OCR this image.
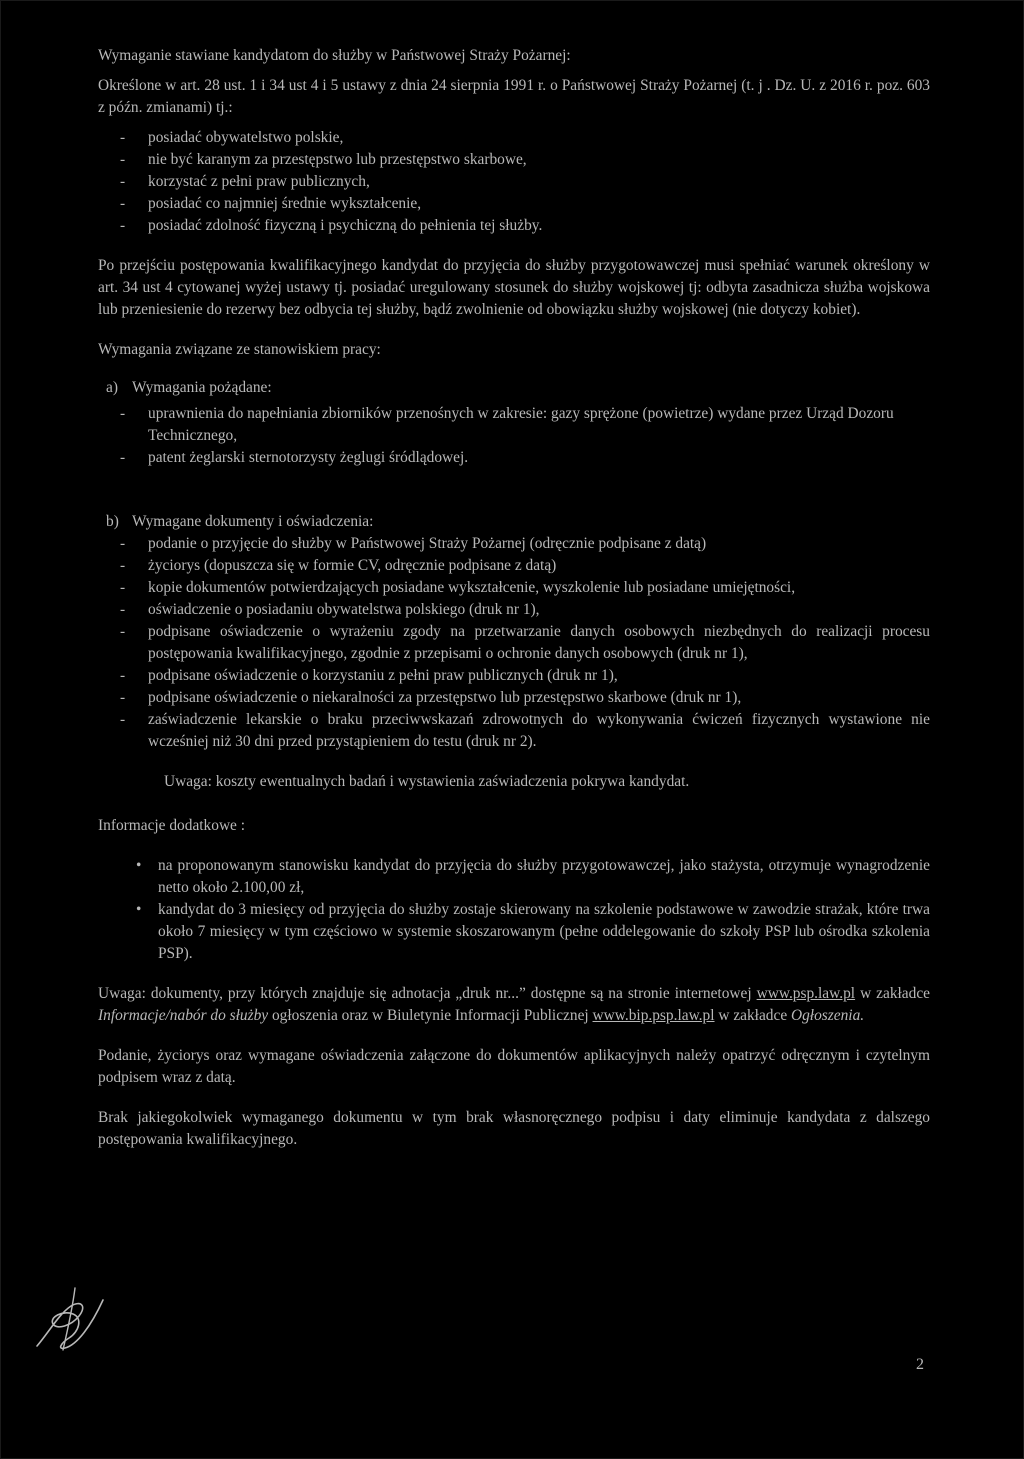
Wymaganie stawiane kandydatom do służby w Państwowej Straży Pożarnej:

Określone w art. 28 ust. 1 i 34 ust 4 i 5 ustawy z dnia 24 sierpnia 1991 r. o Państwowej Straży Pożarnej (t. j . Dz. U. z 2016 r. poz. 603 z późn. zmianami) tj.:

- posiadać obywatelstwo polskie,
- nie być karanym za przestępstwo lub przestępstwo skarbowe,
- korzystać z pełni praw publicznych,
- posiadać co najmniej średnie wykształcenie,
- posiadać zdolność fizyczną i psychiczną do pełnienia tej służby.

Po przejściu postępowania kwalifikacyjnego kandydat do przyjęcia do służby przygotowawczej musi spełniać warunek określony w art. 34 ust 4 cytowanej wyżej ustawy tj. posiadać uregulowany stosunek do służby wojskowej tj: odbyta zasadnicza służba wojskowa lub przeniesienie do rezerwy bez odbycia tej służby, bądź zwolnienie od obowiązku służby wojskowej (nie dotyczy kobiet).

Wymagania związane ze stanowiskiem pracy:

a) Wymagania pożądane:
- uprawnienia do napełniania zbiorników przenośnych w zakresie: gazy sprężone (powietrze) wydane przez Urząd Dozoru Technicznego,
- patent żeglarski sternotorzysty żeglugi śródlądowej.
b) Wymagane dokumenty i oświadczenia:
- podanie o przyjęcie do służby w Państwowej Straży Pożarnej (odręcznie podpisane z datą)
- życiorys (dopuszcza się w formie CV, odręcznie podpisane z datą)
- kopie dokumentów potwierdzających posiadane wykształcenie, wyszkolenie lub posiadane umiejętności,
- oświadczenie o posiadaniu obywatelstwa polskiego (druk nr 1),
- podpisane oświadczenie o wyrażeniu zgody na przetwarzanie danych osobowych niezbędnych do realizacji procesu postępowania kwalifikacyjnego, zgodnie z przepisami o ochronie danych osobowych (druk nr 1),
- podpisane oświadczenie o korzystaniu z pełni praw publicznych (druk nr 1),
- podpisane oświadczenie o niekaralności za przestępstwo lub przestępstwo skarbowe (druk nr 1),
- zaświadczenie lekarskie o braku przeciwwskazań zdrowotnych do wykonywania ćwiczeń fizycznych wystawione nie wcześniej niż 30 dni przed przystąpieniem do testu (druk nr 2).

Uwaga: koszty ewentualnych badań i wystawienia zaświadczenia pokrywa kandydat.

Informacje dodatkowe :

• na proponowanym stanowisku kandydat do przyjęcia do służby przygotowawczej, jako stażysta, otrzymuje wynagrodzenie netto około 2.100,00 zł,
• kandydat do 3 miesięcy od przyjęcia do służby zostaje skierowany na szkolenie podstawowe w zawodzie strażak, które trwa około 7 miesięcy w tym częściowo w systemie skoszarowanym (pełne oddelegowanie do szkoły PSP lub ośrodka szkolenia PSP).

Uwaga: dokumenty, przy których znajduje się adnotacja „druk nr...” dostępne są na stronie internetowej www.psp.law.pl w zakładce Informacje/nabór do służby ogłoszenia oraz w Biuletynie Informacji Publicznej www.bip.psp.law.pl w zakładce Ogłoszenia.

Podanie, życiorys oraz wymagane oświadczenia załączone do dokumentów aplikacyjnych należy opatrzyć odręcznym i czytelnym podpisem wraz z datą.

Brak jakiegokolwiek wymaganego dokumentu w tym brak własnoręcznego podpisu i daty eliminuje kandydata z dalszego postępowania kwalifikacyjnego.

2
